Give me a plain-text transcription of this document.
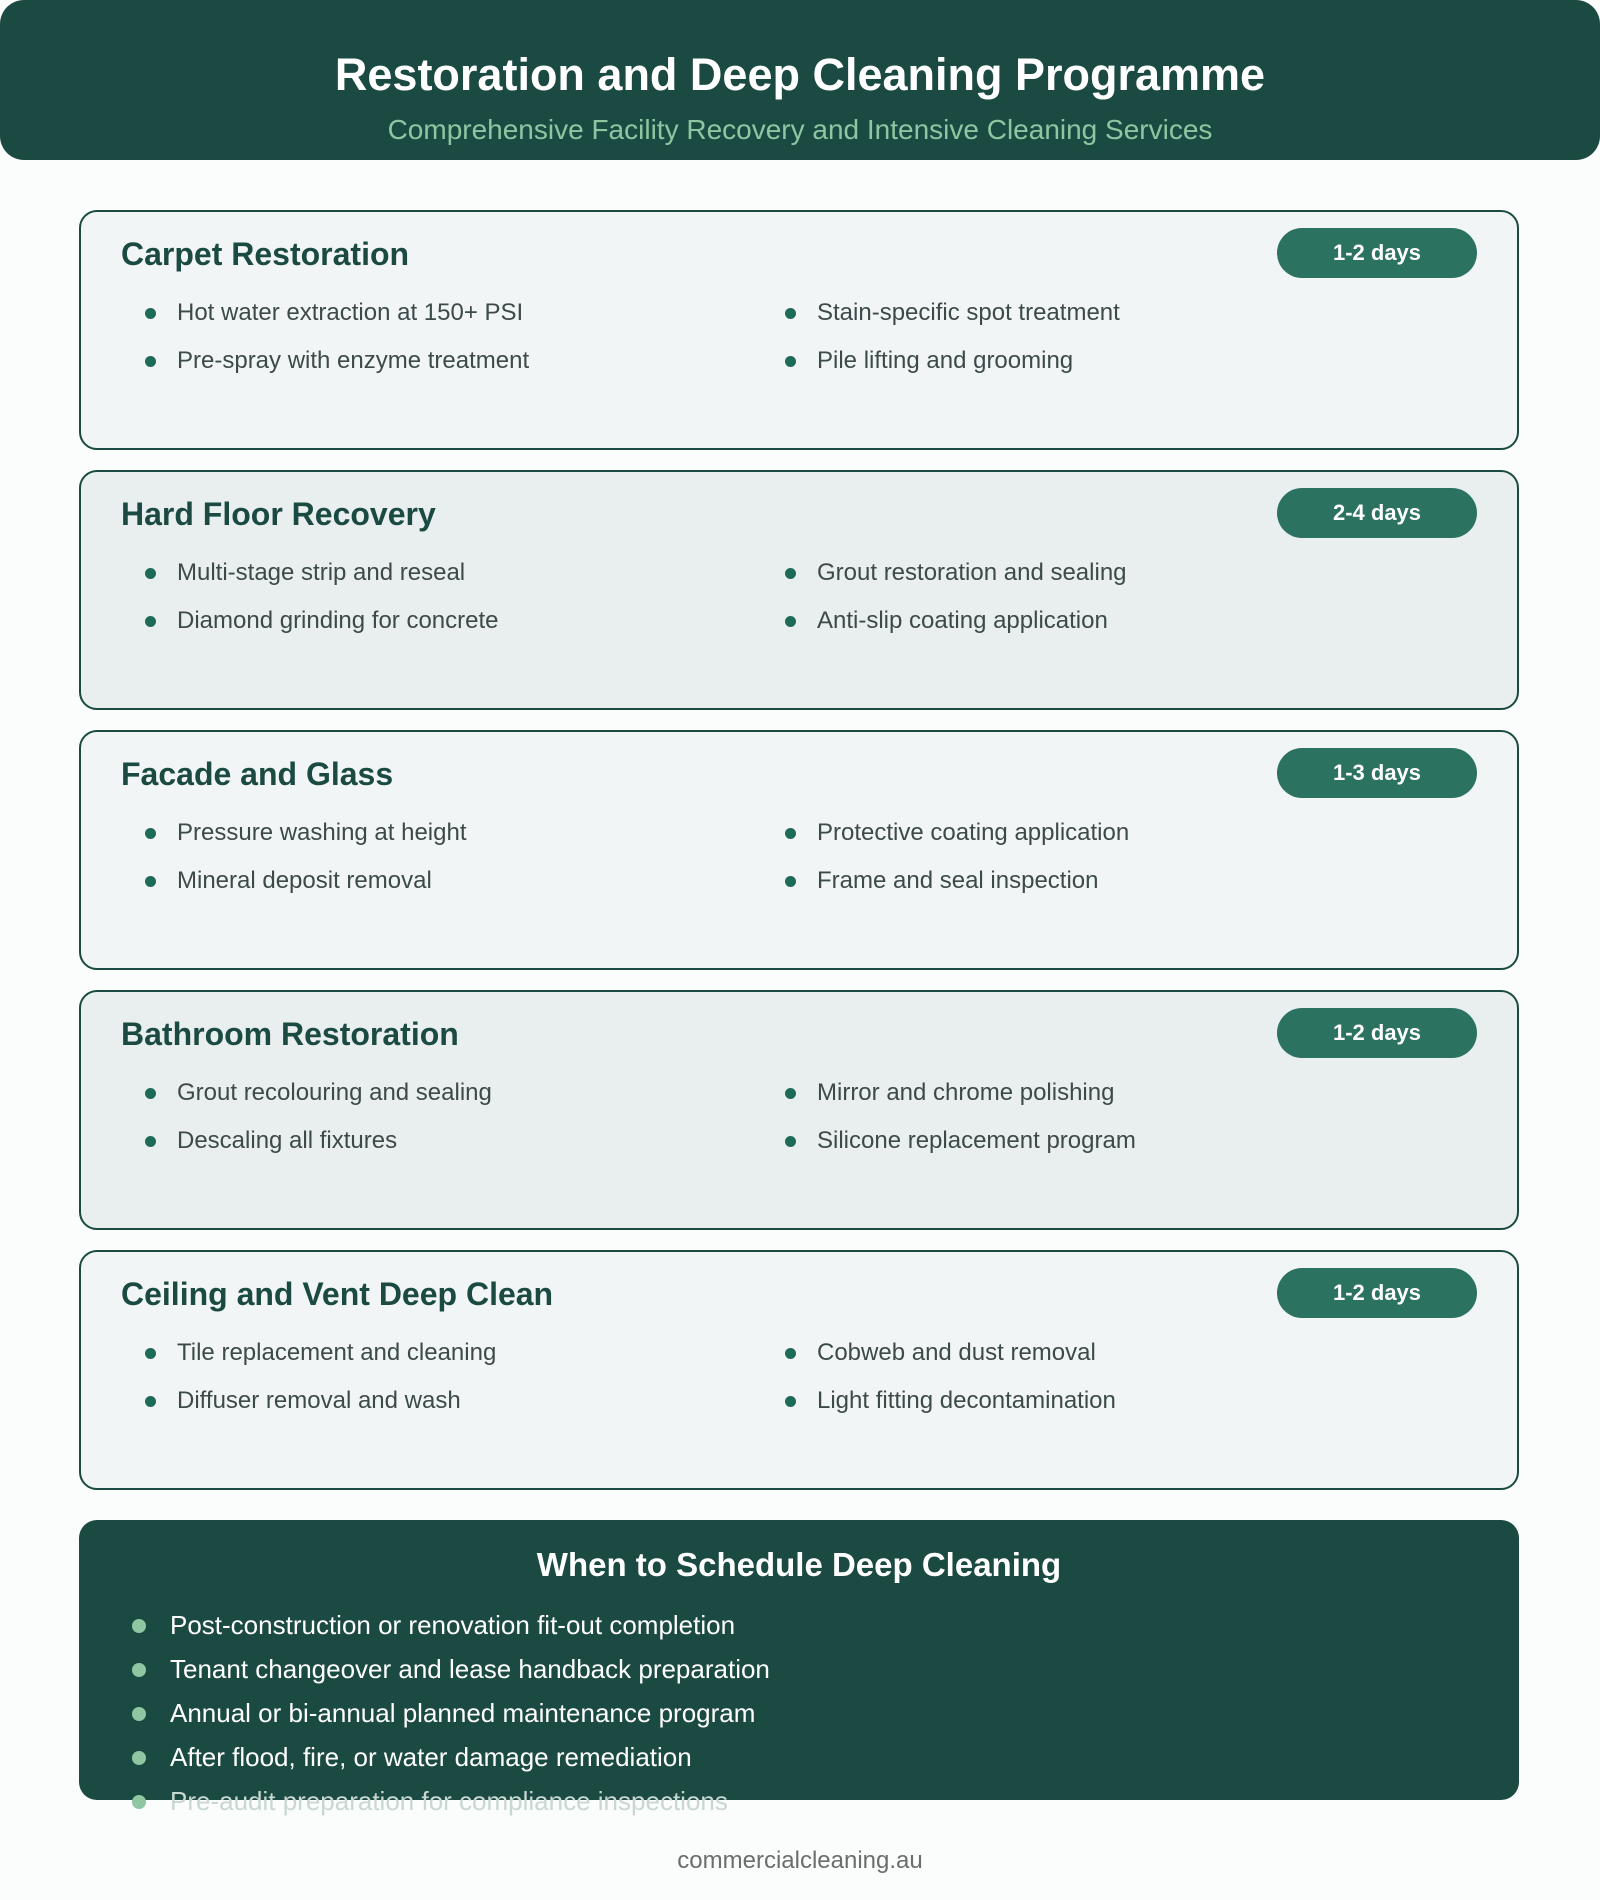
Restoration and Deep Cleaning Programme
Comprehensive Facility Recovery and Intensive Cleaning Services
Carpet Restoration	1-2 days
Hot water extraction at 150+ PSI	Stain-specific spot treatment
Pre-spray with enzyme treatment	Pile lifting and grooming
Hard Floor Recovery	2-4 days
Multi-stage strip and reseal	Grout restoration and sealing
Diamond grinding for concrete	Anti-slip coating application
Facade and Glass	1-3 days
Pressure washing at height	Protective coating application
Mineral deposit removal	Frame and seal inspection
Bathroom Restoration	1-2 days
Grout recolouring and sealing	Mirror and chrome polishing
Descaling all fixtures	Silicone replacement program
Ceiling and Vent Deep Clean	1-2 days
Tile replacement and cleaning	Cobweb and dust removal
Diffuser removal and wash	Light fitting decontamination
When to Schedule Deep Cleaning
Post-construction or renovation fit-out completion
Tenant changeover and lease handback preparation
Annual or bi-annual planned maintenance program
After flood, fire, or water damage remediation
Pre-audit preparation for compliance inspections
commercialcleaning.au
